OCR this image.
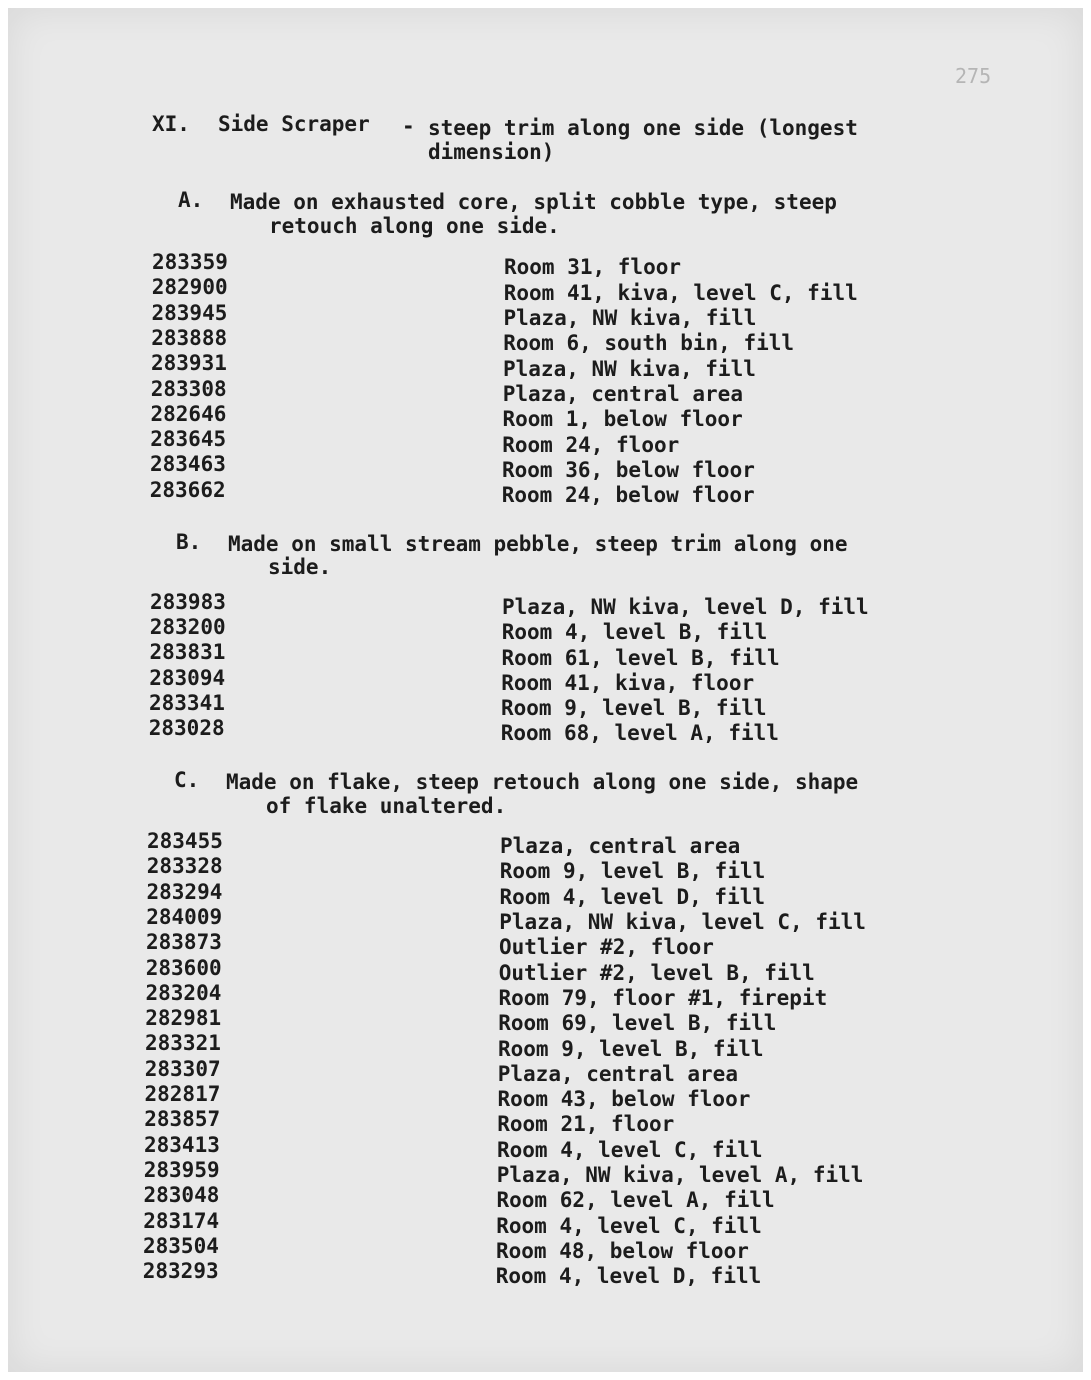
275
XI. Side Scraper - steep trim along one side (longest
dimension)
A. Made on exhausted core, split cobble type, steep
retouch along one side.
283359	Room 31, floor
282900	Room 41, kiva, level C, fill
283945	Plaza, NW kiva, fill
283888	Room 6, south bin, fill
283931	Plaza, NW kiva, fill
283308	Plaza, central area
282646	Room 1, below floor
283645	Room 24, floor
283463	Room 36, below floor
283662	Room 24, below floor
B. Made on small stream pebble, steep trim along one
side.
283983	Plaza, NW kiva, level D, fill
283200	Room 4, level B, fill
283831	Room 61, level B, fill
283094	Room 41, kiva, floor
283341	Room 9, level B, fill
283028	Room 68, level A, fill
C. Made on flake, steep retouch along one side, shape
of flake unaltered.
283455	Plaza, central area
283328	Room 9, level B, fill
283294	Room 4, level D, fill
284009	Plaza, NW kiva, level C, fill
283873	Outlier #2, floor
283600	Outlier #2, level B, fill
283204	Room 79, floor #1, firepit
282981	Room 69, level B, fill
283321	Room 9, level B, fill
283307	Plaza, central area
282817	Room 43, below floor
283857	Room 21, floor
283413	Room 4, level C, fill
283959	Plaza, NW kiva, level A, fill
283048	Room 62, level A, fill
283174	Room 4, level C, fill
283504	Room 48, below floor
283293	Room 4, level D, fill
